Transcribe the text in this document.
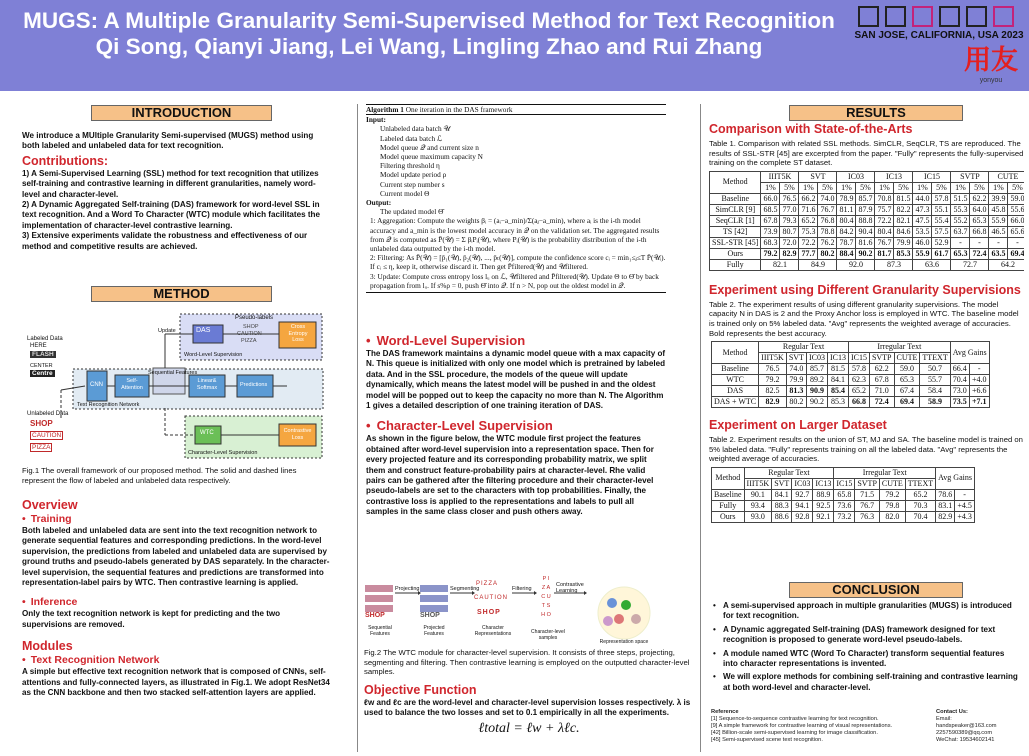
MUGS: A Multiple Granularity Semi-Supervised Method for Text Recognition
Qi Song, Qianyi Jiang, Lei Wang, Lingling Zhao and Rui Zhang	SAN JOSE, CALIFORNIA, USA 2023
用友
yonyou
INTRODUCTION
We introduce a MUltiple Granularity Semi-supervised (MUGS) method using both labeled and unlabeled data for text recognition.
Contributions:
1) A Semi-Supervised Learning (SSL) method for text recognition that utilizes self-training and contrastive learning in different granularities, namely word-level and character-level.
2) A Dynamic Aggregated Self-training (DAS) framework for word-level SSL in text recognition. And a Word To Character (WTC) module which facilitates the implementation of character-level contrastive learning.
3) Extensive experiments validate the robustness and effectiveness of our method and competitive results are achieved.
METHOD
DAS
Pseudo-labels
SHOP
CAUTION
PIZZA
Cross Entropy Loss
Word-Level Supervision
Update
Labeled Data
HERE
FLASH
CENTER
Centre
Unlabeled Data
SHOP
CAUTION
PIZZA
CNN
Self-Attention
Sequential Features
Linear& Softmax	Predictions
Text Recognition Network
WTC	Contrastive Loss
Character-Level Supervision
Fig.1 The overall framework of our proposed method. The solid and dashed lines represent the flow of labeled and unlabeled data respectively.
Overview
• Training
Both labeled and unlabeled data are sent into the text recognition network to generate sequential features and corresponding predictions. In the word-level supervision, the predictions from labeled and unlabeled data are supervised by ground truths and pseudo-labels generated by DAS separately. In the character-level supervision, the sequential features and predictions are transformed into representation-label pairs by WTC. Then contrastive learning is applied.
• Inference
Only the text recognition network is kept for predicting and the two supervisions are removed.
Modules
• Text Recognition Network
A simple but effective text recognition network that is composed of CNNs, self-attentions and fully-connected layers, as illustrated in Fig.1. We adopt ResNet34 as the CNN backbone and then two stacked self-attention layers are applied.
Algorithm 1 One iteration in the DAS framework
Input:
Unlabeled data batch 𝒰
Labeled data batch ℒ
Model queue 𝒬 and current size n
Model queue maximum capacity N
Filtering threshold η
Model update period ρ
Current step number s
Current model Θ
Output:
The updated model Θ̂
1: Aggregation: Compute the weights βᵢ = (aᵢ−a_min)/Σ(aⱼ−a_min), where aᵢ is the i-th model accuracy and a_min is the lowest model accuracy in 𝒬 on the validation set. The aggregated results from 𝒬 is computed as P̄(𝒰) = Σ βᵢPᵢ(𝒰), where Pᵢ(𝒰) is the probability distribution of the i-th unlabeled data outputted by the i-th model.
2: Filtering: As P̄(𝒰) = [p̄₁(𝒰), p̄₂(𝒰), ..., p̄ₜ(𝒰)], compute the confidence score cᵢ = min₁≤ⱼ≤T P̄(𝒰ᵢ). If cᵢ ≤ η, keep it, otherwise discard it. Then get P̄filtered(𝒰) and 𝒰filtered.
3: Update: Compute cross entropy loss lᵤ on ℒ, 𝒰filtered and P̄filtered(𝒰). Update Θ to Θ̂ by back propagation from lᵤ. If s%ρ = 0, push Θ̂ into 𝒬. If n > N, pop out the oldest model in 𝒬.
• Word-Level Supervision
The DAS framework maintains a dynamic model queue with a max capacity of N. This queue is initialized with only one model which is pretrained by labeled data. And in the SSL procedure, the models of the queue will update dynamically, which means the latest model will be pushed in and the oldest model will be popped out to keep the capacity no more than N. The Algorithm 1 gives a detailed description of one training iteration of DAS.
• Character-Level Supervision
As shown in the figure below, the WTC module first project the features obtained after word-level supervision into a representation space. Then for every projected feature and its corresponding probability matrix, we split them and construct feature-probability pairs at character-level. Rhe valid pairs can be gathered after the filtering procedure and their character-level pseudo-labels are set to the characters with top probabilities. Finally, the contrastive loss is applied to the representations and labels to pull all samples in the same class closer and push others away.
Projecting	Segmenting	Filtering
Contrastive Learning
SHOP	SHOP
PIZZA
CAUTION
SHOP
P I
Z A
C U
T S
H O
Sequential Features
Projected Features
Character Representations	Character-level samples
Representation space
Fig.2 The WTC module for character-level supervision. It consists of three steps, projecting, segmenting and filtering. Then contrastive learning is employed on the outputted character-level samples.
Objective Function
ℓw and ℓc are the word-level and character-level supervision losses respectively. λ is used to balance the two losses and set to 0.1 empirically in all the experiments.
ℓtotal = ℓw + λℓc.
RESULTS
Comparison with State-of-the-Arts
Table 1. Comparison with related SSL methods. SimCLR, SeqCLR, TS are reproduced. The results of SSL-STR [45] are excerpted from the paper. "Fully" represents the fully-supervised training on the complete ST dataset.
Method	IIIT5K		SVT		IC03		IC13		IC15		SVTP		CUTE	
	1%	5%	1%	5%	1%	5%	1%	5%	1%	5%	1%	5%	1%	5%
Baseline	66.0	76.5	66.2	74.0	78.9	85.7	70.8	81.5	44.0	57.8	51.5	62.2	39.9	59.0
SimCLR [9]	68.5	77.0	71.6	76.7	81.1	87.9	75.7	82.2	47.3	55.1	55.3	64.0	45.8	55.6
SeqCLR [1]	67.8	79.3	65.2	76.8	80.4	88.8	72.2	82.1	47.5	55.4	55.2	65.3	55.9	66.0
TS [42]	73.9	80.7	75.3	78.8	84.2	90.4	80.4	84.6	53.5	57.5	63.7	66.8	46.5	65.6
SSL-STR [45]	68.3	72.0	72.2	76.2	78.7	81.6	76.7	79.9	46.0	52.9	-	-	-	-
Ours	79.2	82.9	77.7	80.2	88.4	90.2	81.7	85.3	55.9	61.7	65.3	72.4	63.5	69.4
Fully	82.1		84.9		92.0		87.3		63.6		72.7		64.2	
Experiment using Different Granularity Supervisions
Table 2. The experiment results of using different granularity supervisions. The model capacity N in DAS is 2 and the Proxy Anchor loss is employed in WTC. The baseline model is trained only on 5% labeled data. "Avg" represents the weighted average of accuracies. Bold represents the best accuracy.
Method	Regular Text				Irregular Text				Avg Gains	
	IIIT5K	SVT	IC03	IC13	IC15	SVTP	CUTE	TTEXT		
Baseline	76.5	74.0	85.7	81.5	57.8	62.2	59.0	50.7	66.4	-
WTC	79.2	79.9	89.2	84.1	62.3	67.8	65.3	55.7	70.4	+4.0
DAS	82.5	81.3	90.9	85.4	65.2	71.0	67.4	58.4	73.0	+6.6
DAS + WTC	82.9	80.2	90.2	85.3	66.8	72.4	69.4	58.9	73.5	+7.1
Experiment on Larger Dataset
Table 2. Experiment results on the union of ST, MJ and SA. The baseline model is trained on 5% labeled data. "Fully" represents training on all the labeled data. "Avg" represents the weighted average of accuracies.
Method	Regular Text				Irregular Text				Avg Gains	
	IIIT5K	SVT	IC03	IC13	IC15	SVTP	CUTE	TTEXT		
Baseline	90.1	84.1	92.7	88.9	65.8	71.5	79.2	65.2	78.6	-
Fully	93.4	88.3	94.1	92.5	73.6	76.7	79.8	70.3	83.1	+4.5
Ours	93.0	88.6	92.8	92.1	73.2	76.3	82.0	70.4	82.9	+4.3
CONCLUSION
• A semi-supervised approach in multiple granularities (MUGS) is introduced for text recognition.
• A Dynamic aggregated Self-training (DAS) framework designed for text recognition is proposed to generate word-level pseudo-labels.
• A module named WTC (Word To Character) transform sequential features into character representations is invented.
• We will explore methods for combining self-training and contrastive learning at both word-level and character-level.
Reference
[1] Sequence-to-sequence contrastive learning for text recognition.
[9] A simple framework for contrastive learning of visual representations.
[42] Billion-scale semi-supervised learning for image classification.
[45] Semi-supervised scene text recognition.
Contact Us:
Email:
handspeaker@163.com
2257590389@qq.com
WeChat: 19534602141
